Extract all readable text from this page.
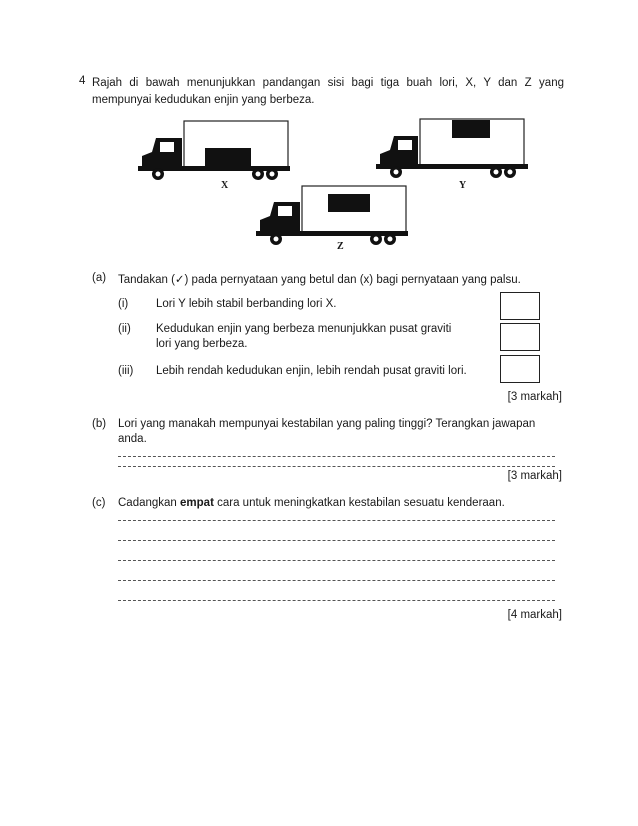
4 Rajah di bawah menunjukkan pandangan sisi bagi tiga buah lori, X, Y dan Z yang mempunyai kedudukan enjin yang berbeza.
X	Y
Z
(a) Tandakan (✓) pada pernyataan yang betul dan (x) bagi pernyataan yang palsu.
(i) Lori Y lebih stabil berbanding lori X.
(ii) Kedudukan enjin yang berbeza menunjukkan pusat graviti
lori yang berbeza.
(iii) Lebih rendah kedudukan enjin, lebih rendah pusat graviti lori.
[3 markah]
(b) Lori yang manakah mempunyai kestabilan yang paling tinggi? Terangkan jawapan
anda.
[3 markah]
(c) Cadangkan empat cara untuk meningkatkan kestabilan sesuatu kenderaan.
[4 markah]
